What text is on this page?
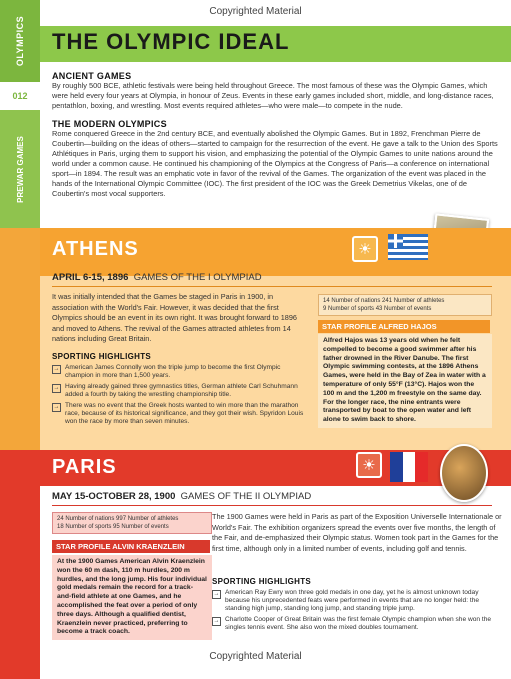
Copyrighted Material
OLYMPICS
012
PREWAR GAMES
THE OLYMPIC IDEAL
ANCIENT GAMES
By roughly 500 BCE, athletic festivals were being held throughout Greece. The most famous of these was the Olympic Games, which were held every four years at Olympia, in honour of Zeus. Events in these early games included short, middle, and long-distance races, pentathlon, boxing, and wrestling. Most events required athletes—who were male—to compete in the nude.
THE MODERN OLYMPICS
Rome conquered Greece in the 2nd century BCE, and eventually abolished the Olympic Games. But in 1892, Frenchman Pierre de Coubertin—building on the ideas of others—started to campaign for the resurrection of the event. He gave a talk to the Union des Sports Athlétiques in Paris, urging them to support his vision, and emphasizing the potential of the Olympic Games to unite nations around the world under a common cause. He continued his championing of the Olympics at the Congress of Paris—a conference on international sport—in 1894. The result was an emphatic vote in favor of the revival of the Games. The organization of the event was placed in the hands of the International Olympic Committee (IOC). The first president of the IOC was the Greek Demetrius Vikelas, one of de Coubertin's most vocal supporters.
ATHENS	☀
APRIL 6-15, 1896 GAMES OF THE I OLYMPIAD
It was initially intended that the Games be staged in Paris in 1900, in association with the World's Fair. However, it was decided that the first Olympics should be an event in its own right. It was brought forward to 1896 and moved to Athens. The revival of the Games attracted athletes from 14 nations including Great Britain.
SPORTING HIGHLIGHTS
→ American James Connolly won the triple jump to become the first Olympic champion in more than 1,500 years.
→ Having already gained three gymnastics titles, German athlete Carl Schuhmann added a fourth by taking the wrestling championship title.
→ There was no event that the Greek hosts wanted to win more than the marathon race, because of its historical significance, and they got their wish. Spyridon Louis won the race by more than seven minutes.
14 Number of nations 241 Number of athletes
9 Number of sports 43 Number of events
STAR PROFILE ALFRED HAJOS
Alfred Hajos was 13 years old when he felt compelled to become a good swimmer after his father drowned in the River Danube. The first Olympic swimming contests, at the 1896 Athens Games, were held in the Bay of Zea in water with a temperature of only 55°F (13°C). Hajos won the 100 m and the 1,200 m freestyle on the same day. For the longer race, the nine entrants were transported by boat to the open water and left alone to swim back to shore.
PARIS	☀
MAY 15-OCTOBER 28, 1900 GAMES OF THE II OLYMPIAD
24 Number of nations 997 Number of athletes
18 Number of sports 95 Number of events
STAR PROFILE ALVIN KRAENZLEIN
At the 1900 Games American Alvin Kraenzlein won the 60 m dash, 110 m hurdles, 200 m hurdles, and the long jump. His four individual gold medals remain the record for a track-and-field athlete at one Games, and he accomplished the feat over a period of only three days. Although a qualified dentist, Kraenzlein never practiced, preferring to become a track coach.
The 1900 Games were held in Paris as part of the Exposition Universelle Internationale or World's Fair. The exhibition organizers spread the events over five months, the length of the Fair, and de-emphasized their Olympic status. Women took part in the Games for the first time, although only in a limited number of events, including golf and tennis.
SPORTING HIGHLIGHTS
→ American Ray Ewry won three gold medals in one day, yet he is almost unknown today because his unprecedented feats were performed in events that are no longer held: the standing high jump, standing long jump, and standing triple jump.
→ Charlotte Cooper of Great Britain was the first female Olympic champion when she won the singles tennis event. She also won the mixed doubles tournament.
Copyrighted Material
